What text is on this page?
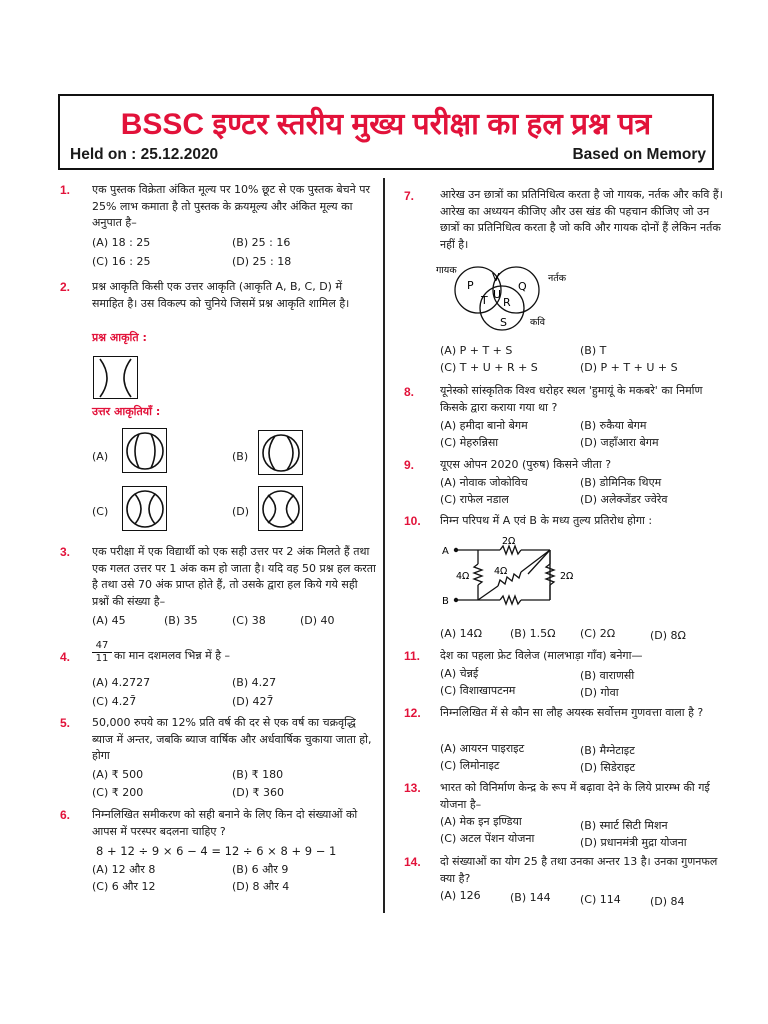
BSSC इण्टर स्तरीय मुख्य परीक्षा का हल प्रश्न पत्र
Held on : 25.12.2020	Based on Memory
1. एक पुस्तक विक्रेता अंकित मूल्य पर 10% छूट से एक पुस्तक बेचने पर 25% लाभ कमाता है तो पुस्तक के क्रयमूल्य और अंकित मूल्य का अनुपात है–
(A) 18 : 25	(B) 25 : 16
(C) 16 : 25	(D) 25 : 18
2. प्रश्न आकृति किसी एक उत्तर आकृति (आकृति A, B, C, D) में समाहित है। उस विकल्प को चुनिये जिसमें प्रश्न आकृति शामिल है।
प्रश्न आकृति :
उत्तर आकृतियाँ :
(A)	(B)
(C)	(D)
3. एक परीक्षा में एक विद्यार्थी को एक सही उत्तर पर 2 अंक मिलते हैं तथा एक गलत उत्तर पर 1 अंक कम हो जाता है। यदि वह 50 प्रश्न हल करता है तथा उसे 70 अंक प्राप्त होते हैं, तो उसके द्वारा हल किये गये सही प्रश्नों की संख्या है–
(A) 45	(B) 35	(C) 38	(D) 40
4. $\frac{47}{11}$ का मान दशमलव भिन्न में है –
(A) 4.2727	(B) 4.27
(C) 4.27̄	(D) 427̄
5. 50,000 रुपये का 12% प्रति वर्ष की दर से एक वर्ष का चक्रवृद्धि ब्याज में अन्तर, जबकि ब्याज वार्षिक और अर्धवार्षिक चुकाया जाता हो, होगा
(A) ₹ 500	(B) ₹ 180
(C) ₹ 200	(D) ₹ 360
6. निम्नलिखित समीकरण को सही बनाने के लिए किन दो संख्याओं को आपस में परस्पर बदलना चाहिए ?
8 + 12 ÷ 9 × 6 − 4 = 12 ÷ 6 × 8 + 9 − 1
(A) 12 और 8	(B) 6 और 9
(C) 6 और 12	(D) 8 और 4
7. आरेख उन छात्रों का प्रतिनिधित्व करता है जो गायक, नर्तक और कवि हैं। आरेख का अध्ययन कीजिए और उस खंड की पहचान कीजिए जो उन छात्रों का प्रतिनिधित्व करता है जो कवि और गायक दोनों हैं लेकिन नर्तक नहीं है।
गायक
नर्तक
कवि
P
V
Q
T U
R
S
(A) P + T + S	(B) T
(C) T + U + R + S	(D) P + T + U + S
8. यूनेस्को सांस्कृतिक विश्व धरोहर स्थल 'हुमायूं के मकबरे' का निर्माण किसके द्वारा कराया गया था ?
(A) हमीदा बानो बेगम	(B) रुकैया बेगम
(C) मेहरुन्निसा	(D) जहाँआरा बेगम
9. यूएस ओपन 2020 (पुरुष) किसने जीता ?
(A) नोवाक जोकोविच	(B) डोमिनिक थिएम
(C) राफेल नडाल	(D) अलेक्जेंडर ज्वेरेव
10. निम्न परिपथ में A एवं B के मध्य तुल्य प्रतिरोध होगा :
A
B
2Ω
4Ω	4Ω	2Ω
(A) 14Ω	(B) 1.5Ω (C) 2Ω	(D) 8Ω
11. देश का पहला फ्रेट विलेज (मालभाड़ा गाँव) बनेगा—
(A) चेन्नई	(B) वाराणसी
(C) विशाखापटनम	(D) गोवा
12. निम्नलिखित में से कौन सा लौह अयस्क सर्वोत्तम गुणवत्ता वाला है ?
(A) आयरन पाइराइट	(B) मैग्नेटाइट
(C) लिमोनाइट	(D) सिडेराइट
13. भारत को विनिर्माण केन्द्र के रूप में बढ़ावा देने के लिये प्रारम्भ की गई योजना है–
(A) मेक इन इण्डिया	(B) स्मार्ट सिटी मिशन
(C) अटल पेंशन योजना	(D) प्रधानमंत्री मुद्रा योजना
14. दो संख्याओं का योग 25 है तथा उनका अन्तर 13 है। उनका गुणनफल क्या है?
(A) 126	(B) 144	(C) 114	(D) 84
